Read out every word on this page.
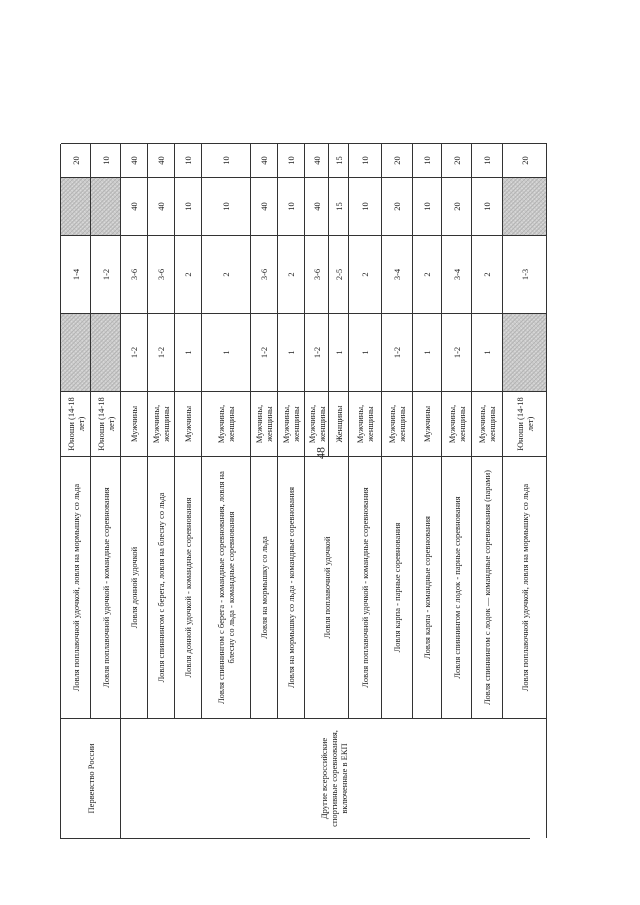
48
Первенство России
Ловля поплавочной удочкой, ловля на мормышку со льда
Юноши (14-18 лет)
1-4
20
Ловля поплавочной удочкой - командные соревнования
Юноши (14-18 лет)
1-2
10
Другие всероссийские спортивные соревнования, включенные в ЕКП
Ловля донной удочкой
Мужчины
1-2
3-6
40
40
Ловля спиннингом с берега, ловля на блесну со льда
Мужчины, женщины
1-2
3-6
40
40
Ловля донной удочкой - командные соревнования
Мужчины
1
2
10
10
Ловля спиннингом с берега - командные соревнования, ловля на блесну со льда - командные соревнования
Мужчины, женщины
1
2
10
10
Ловля на мормышку со льда
Мужчины, женщины
1-2
3-6
40
40
Ловля на мормышку со льда - командные соревнования
Мужчины, женщины
1
2
10
10
Ловля поплавочной удочкой
Мужчины, женщины
1-2
3-6
40
40
Женщины
1
2-5
15
15
Ловля поплавочной удочкой - командные соревнования
Мужчины, женщины
1
2
10
10
Ловля карпа - парные соревнования
Мужчины, женщины
1-2
3-4
20
20
Ловля карпа - командные соревнования
Мужчины
1
2
10
10
Ловля спиннингом с лодок - парные соревнования
Мужчины, женщины
1-2
3-4
20
20
Ловля спиннингом с лодок — командные соревнования (парами)
Мужчины, женщины
1
2
10
10
Ловля поплавочной удочкой, ловля на мормышку со льда
Юноши (14-18 лет)
1-3
20
